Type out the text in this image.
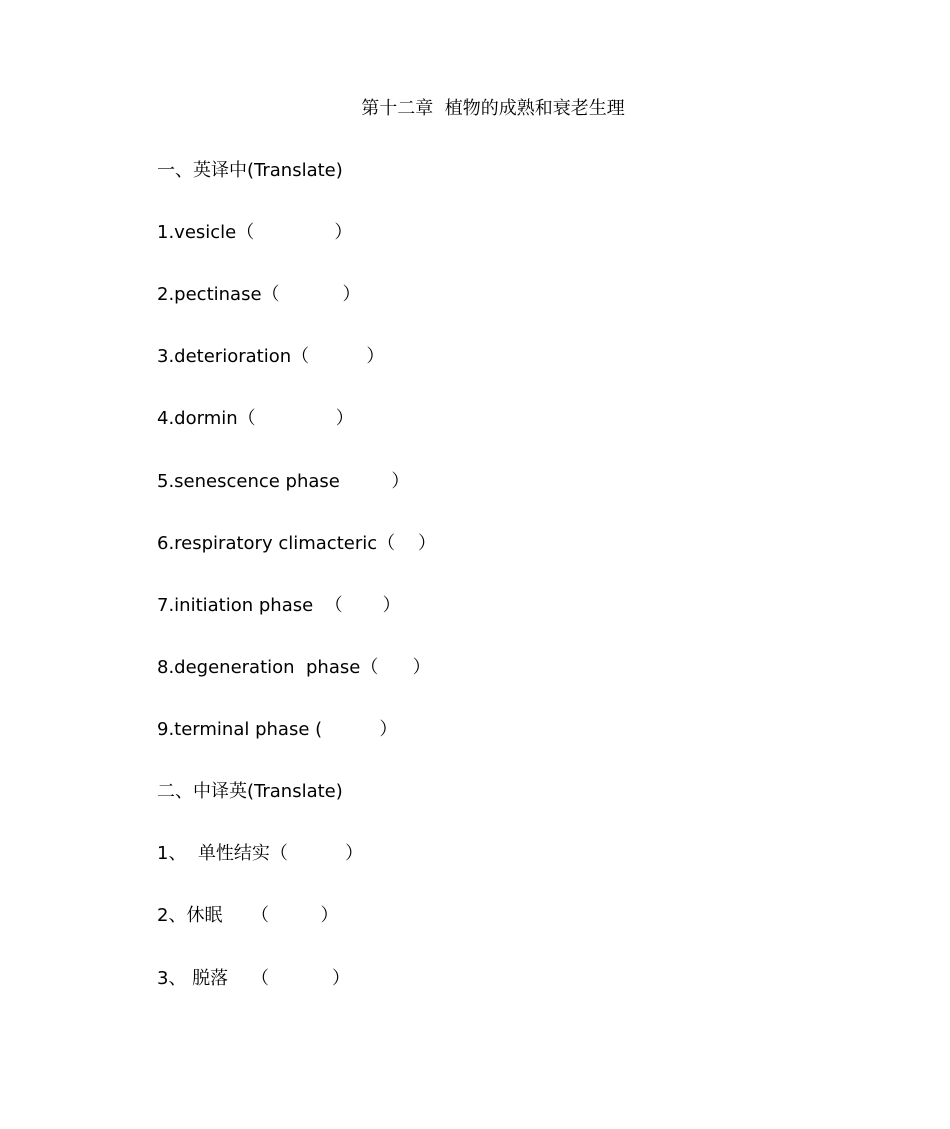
第十二章  植物的成熟和衰老生理
一、英译中(Translate)
1.vesicle（              ）
2.pectinase（           ）
3.deterioration（          ）
4.dormin（              ）
5.senescence phase         ）
6.respiratory climacteric（    ）
7.initiation phase  （       ）
8.degeneration  phase（      ）
9.terminal phase (          ）
二、中译英(Translate)
1、  单性结实（          ）
2、休眠     （         ）
3、 脱落    （           ）
